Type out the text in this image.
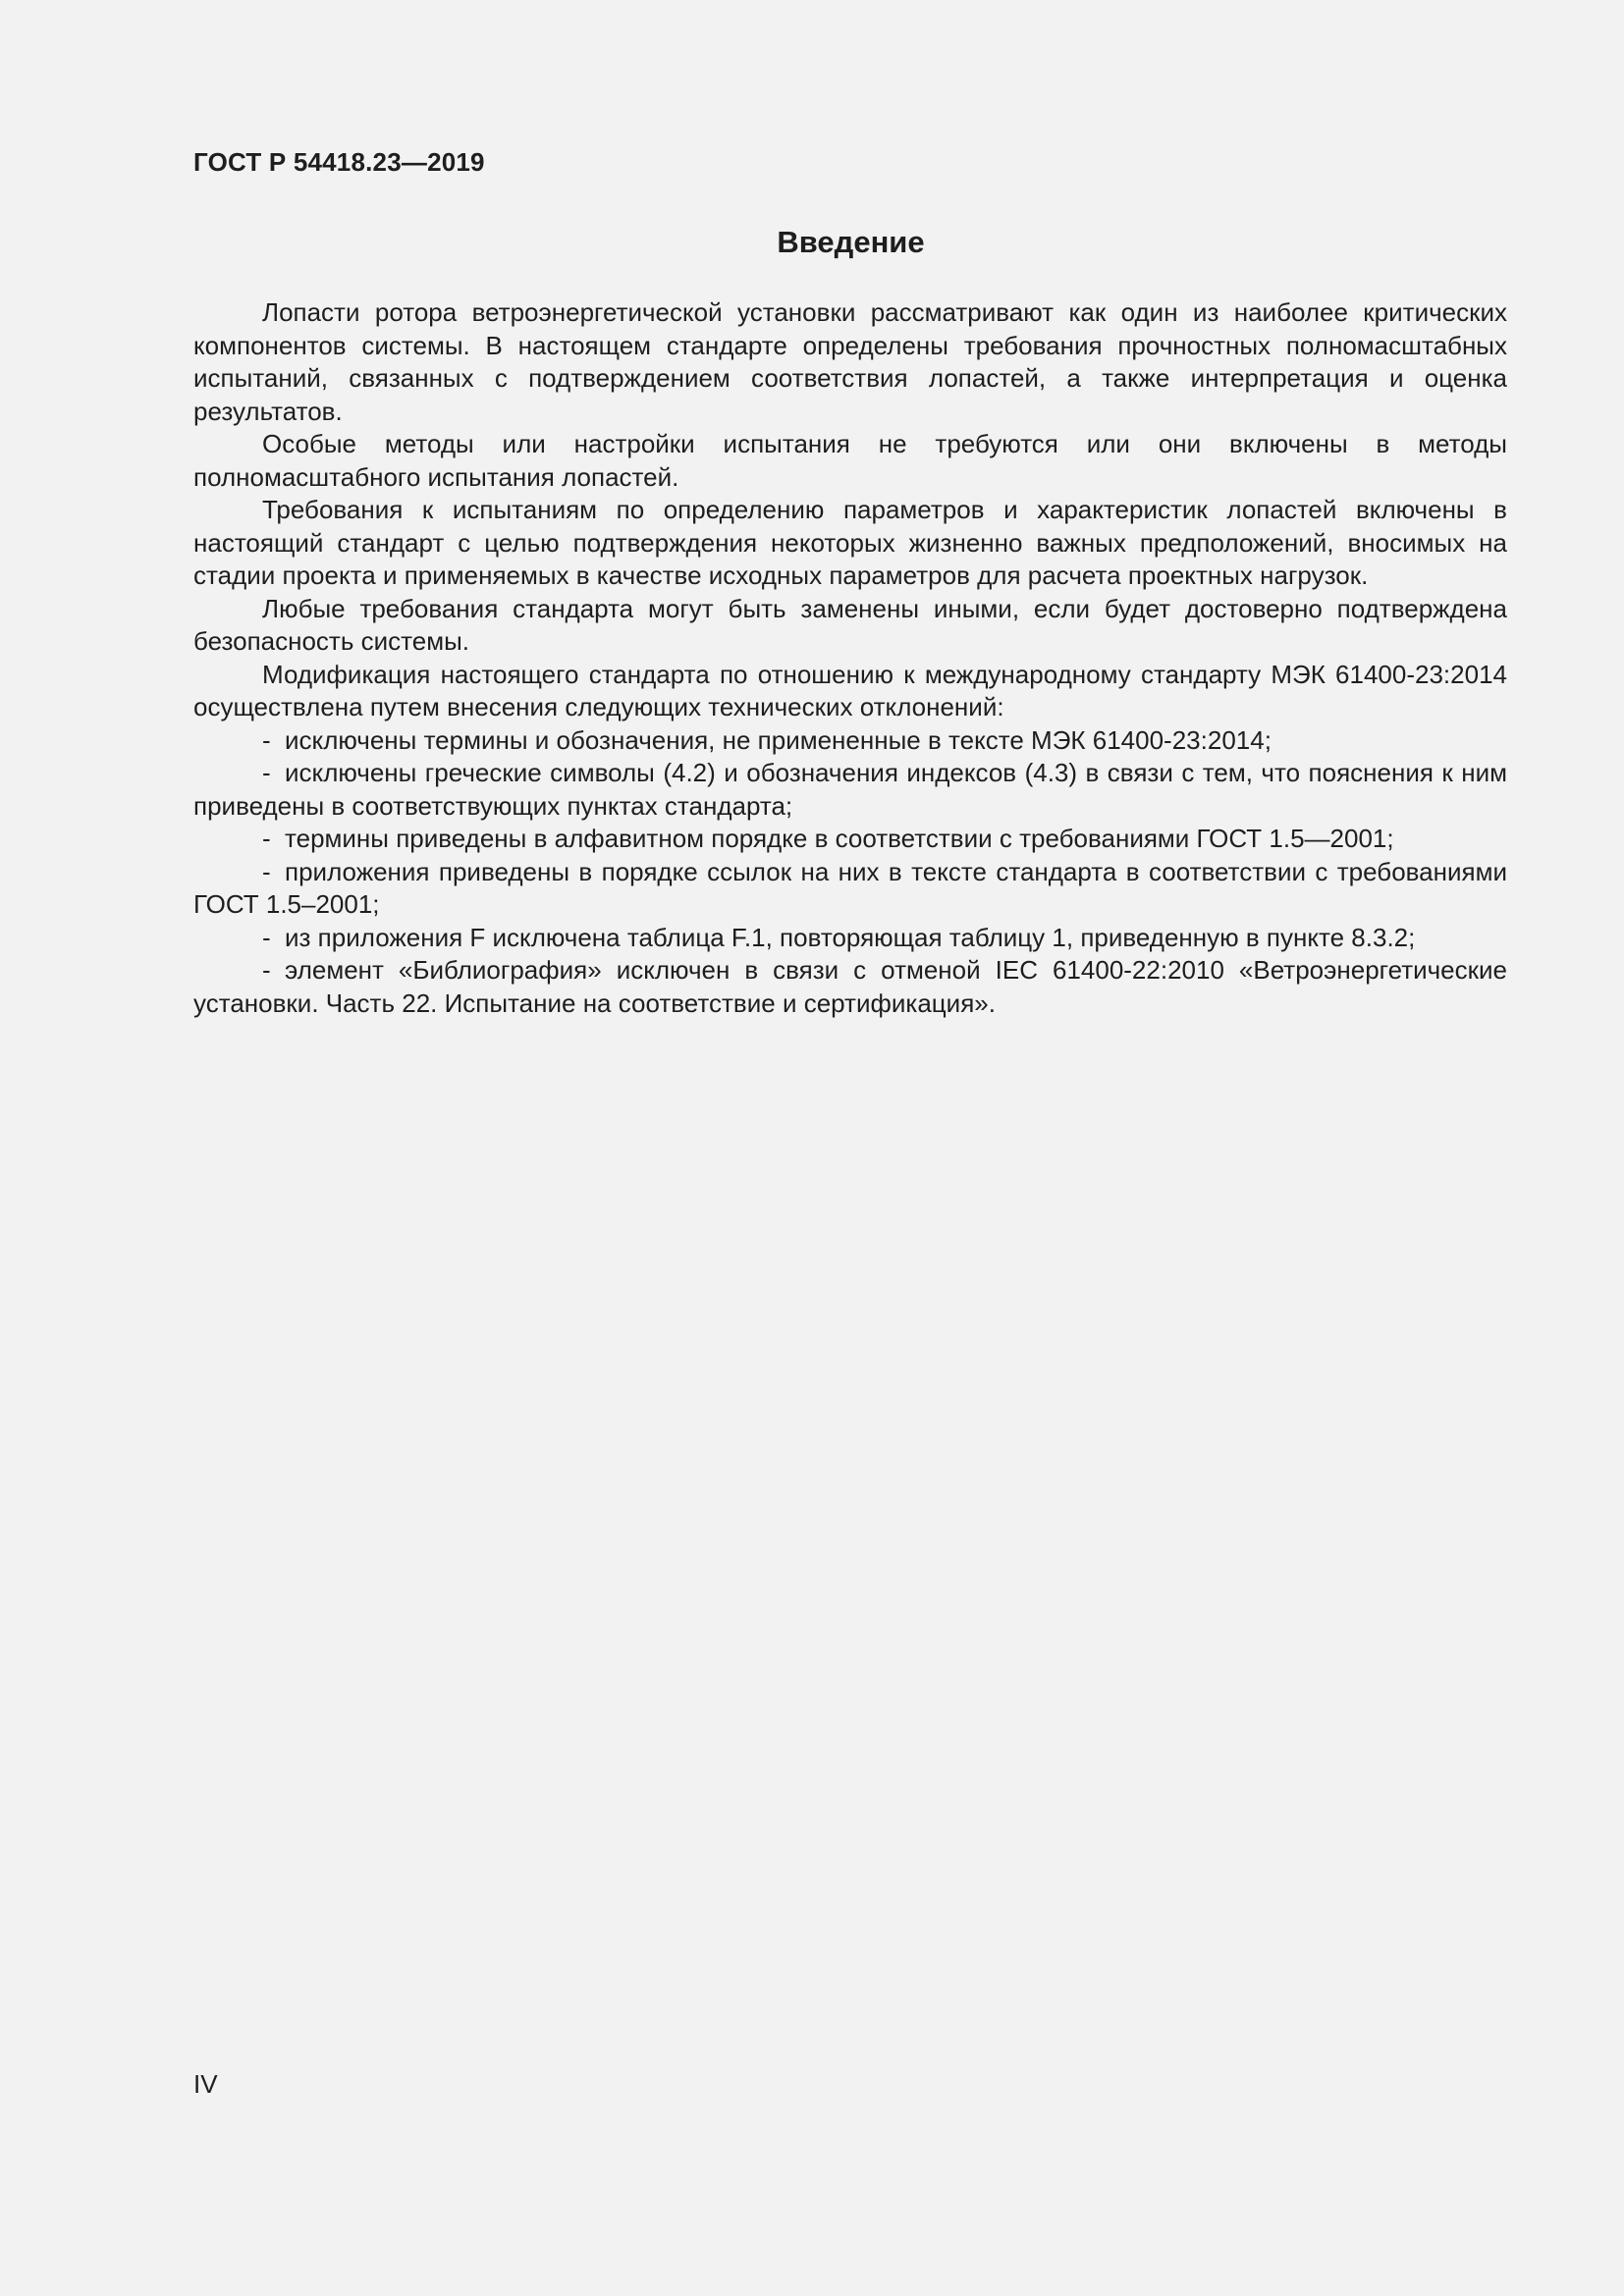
ГОСТ Р 54418.23—2019
Введение

Лопасти ротора ветроэнергетической установки рассматривают как один из наиболее критических компонентов системы. В настоящем стандарте определены требования прочностных полномасштабных испытаний, связанных с подтверждением соответствия лопастей, а также интерпретация и оценка результатов.

Особые методы или настройки испытания не требуются или они включены в методы полномасштабного испытания лопастей.

Требования к испытаниям по определению параметров и характеристик лопастей включены в настоящий стандарт с целью подтверждения некоторых жизненно важных предположений, вносимых на стадии проекта и применяемых в качестве исходных параметров для расчета проектных нагрузок.

Любые требования стандарта могут быть заменены иными, если будет достоверно подтверждена безопасность системы.

Модификация настоящего стандарта по отношению к международному стандарту МЭК 61400-23:2014 осуществлена путем внесения следующих технических отклонений:

- исключены термины и обозначения, не примененные в тексте МЭК 61400-23:2014;

- исключены греческие символы (4.2) и обозначения индексов (4.3) в связи с тем, что пояснения к ним приведены в соответствующих пунктах стандарта;

- термины приведены в алфавитном порядке в соответствии с требованиями ГОСТ 1.5—2001;

- приложения приведены в порядке ссылок на них в тексте стандарта в соответствии с требованиями ГОСТ 1.5–2001;

- из приложения F исключена таблица F.1, повторяющая таблицу 1, приведенную в пункте 8.3.2;

- элемент «Библиография» исключен в связи с отменой IEC 61400-22:2010 «Ветроэнергетические установки. Часть 22. Испытание на соответствие и сертификация».

IV
